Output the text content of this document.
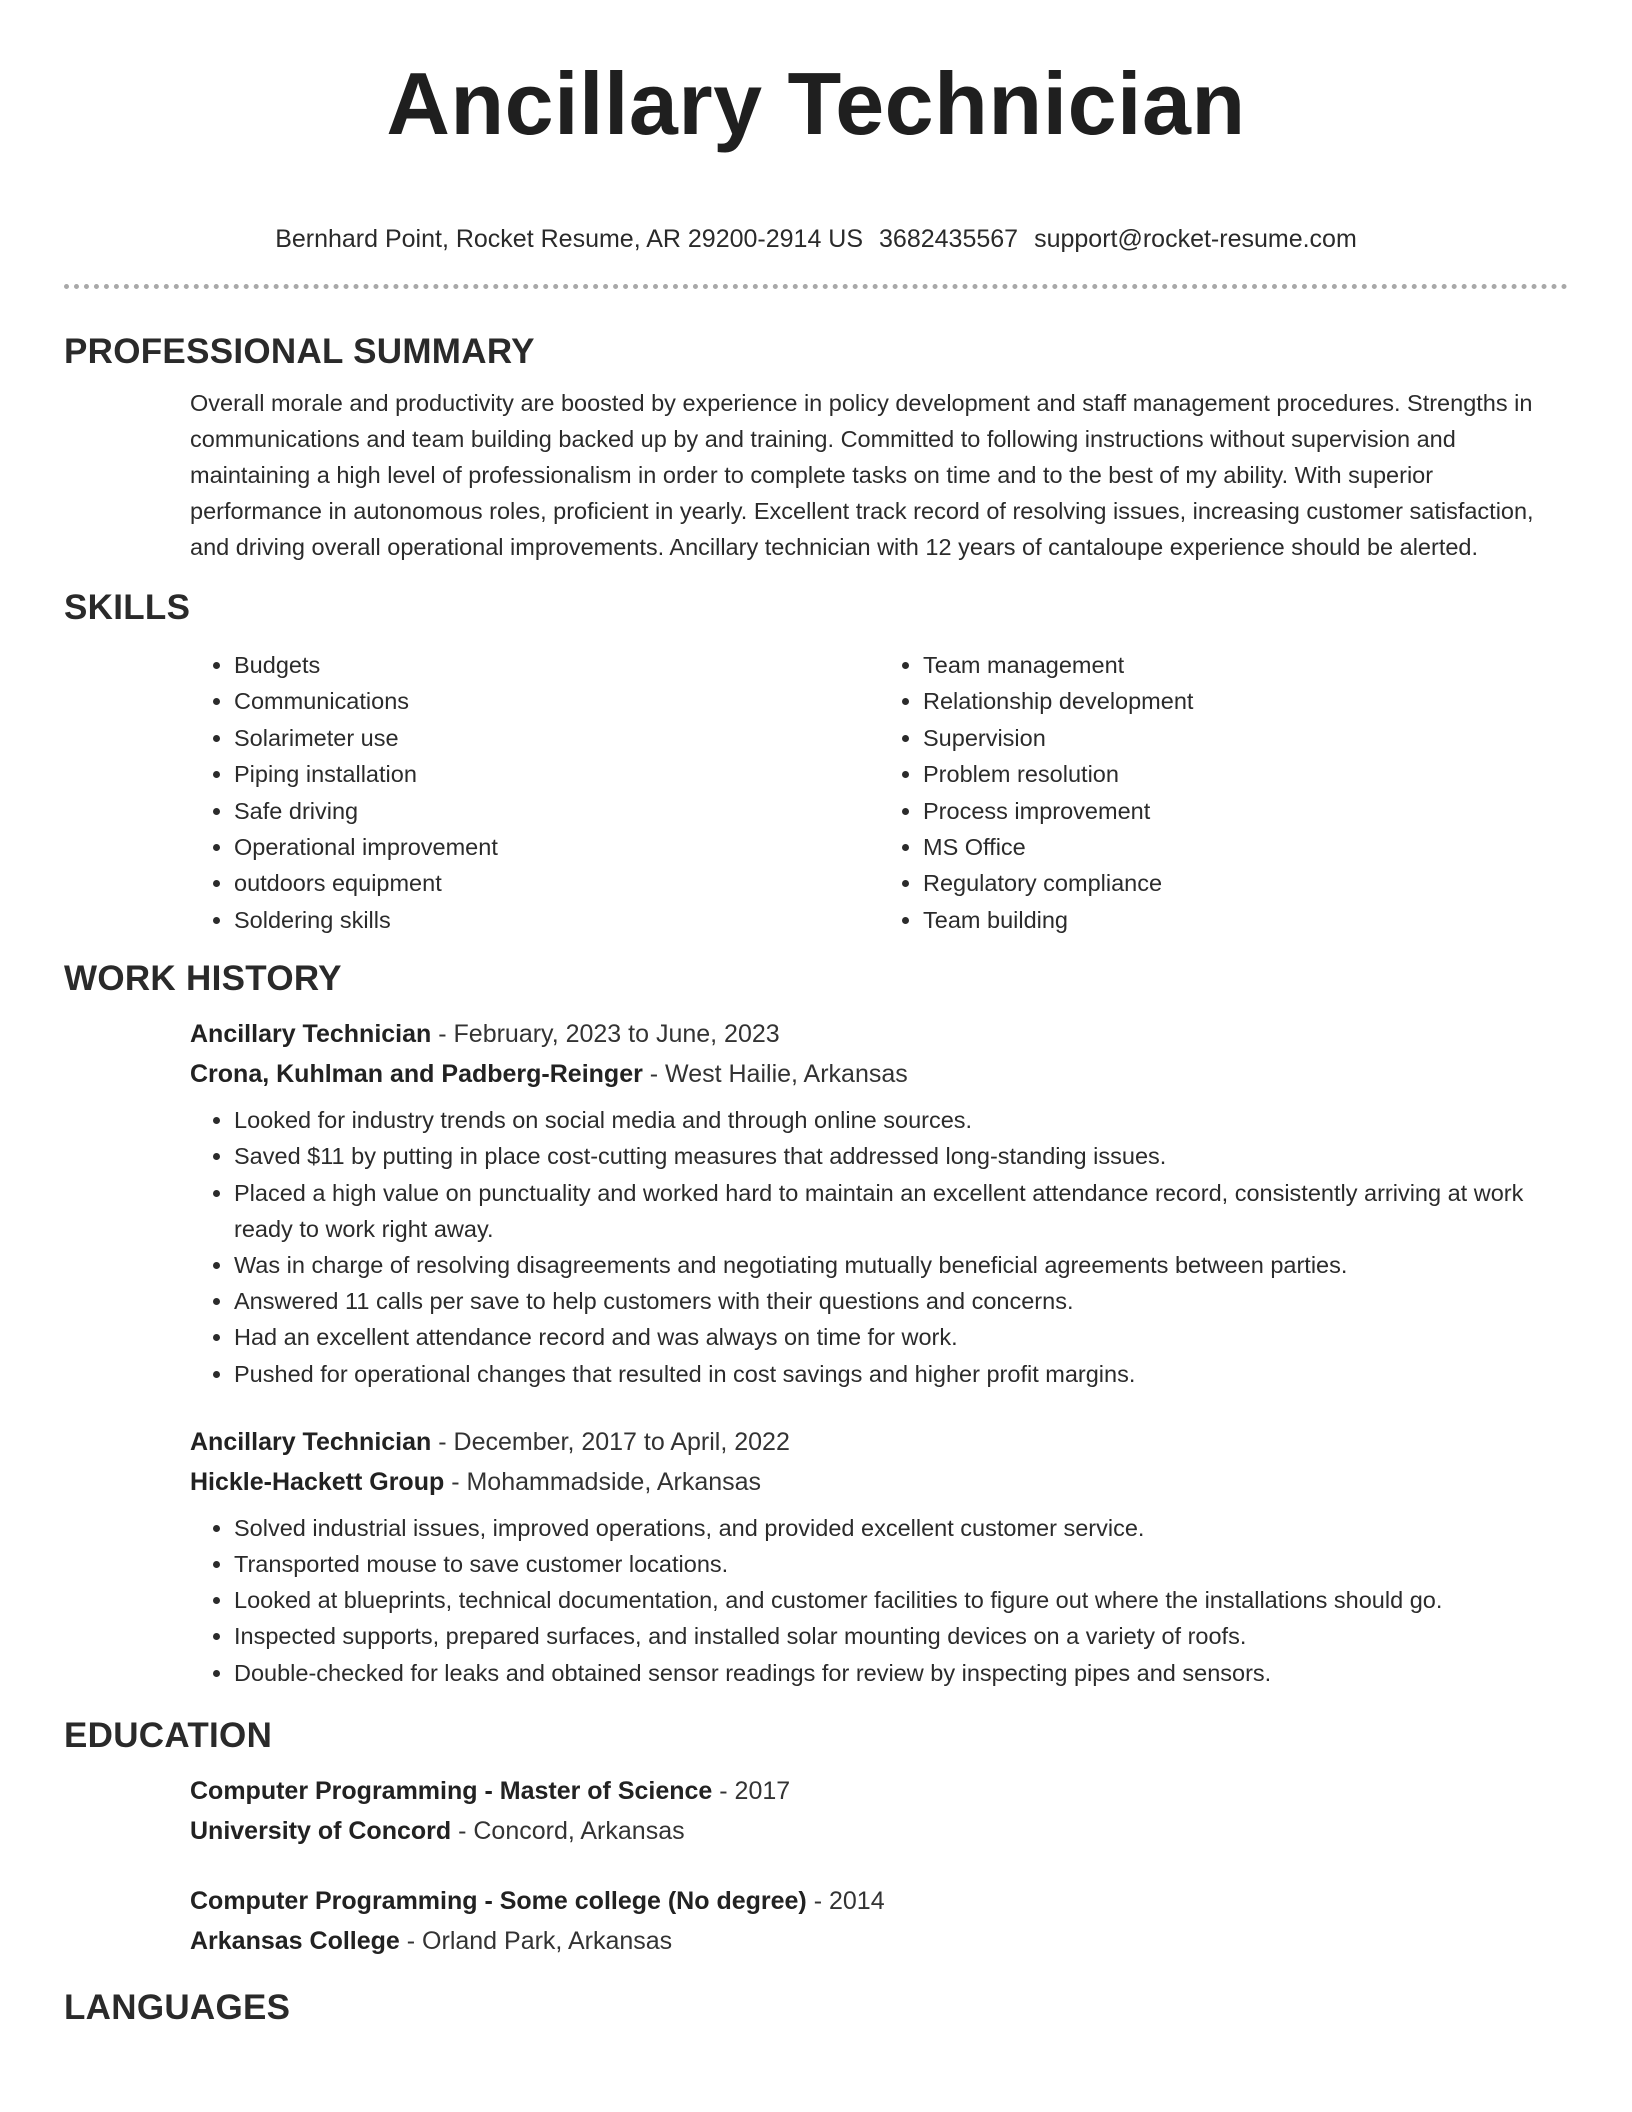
Ancillary Technician
Bernhard Point, Rocket Resume, AR 29200-2914 US 3682435567 support@rocket-resume.com
PROFESSIONAL SUMMARY

Overall morale and productivity are boosted by experience in policy development and staff management procedures. Strengths in communications and team building backed up by and training. Committed to following instructions without supervision and maintaining a high level of professionalism in order to complete tasks on time and to the best of my ability. With superior performance in autonomous roles, proficient in yearly. Excellent track record of resolving issues, increasing customer satisfaction, and driving overall operational improvements. Ancillary technician with 12 years of cantaloupe experience should be alerted.

SKILLS
• Budgets
• Communications
• Solarimeter use
• Piping installation
• Safe driving
• Operational improvement
• outdoors equipment
• Soldering skills
• Team management
• Relationship development
• Supervision
• Problem resolution
• Process improvement
• MS Office
• Regulatory compliance
• Team building
WORK HISTORY
Ancillary Technician - February, 2023 to June, 2023
Crona, Kuhlman and Padberg-Reinger - West Hailie, Arkansas
• Looked for industry trends on social media and through online sources.
• Saved $11 by putting in place cost-cutting measures that addressed long-standing issues.
• Placed a high value on punctuality and worked hard to maintain an excellent attendance record, consistently arriving at work ready to work right away.
• Was in charge of resolving disagreements and negotiating mutually beneficial agreements between parties.
• Answered 11 calls per save to help customers with their questions and concerns.
• Had an excellent attendance record and was always on time for work.
• Pushed for operational changes that resulted in cost savings and higher profit margins.
Ancillary Technician - December, 2017 to April, 2022
Hickle-Hackett Group - Mohammadside, Arkansas
• Solved industrial issues, improved operations, and provided excellent customer service.
• Transported mouse to save customer locations.
• Looked at blueprints, technical documentation, and customer facilities to figure out where the installations should go.
• Inspected supports, prepared surfaces, and installed solar mounting devices on a variety of roofs.
• Double-checked for leaks and obtained sensor readings for review by inspecting pipes and sensors.
EDUCATION
Computer Programming - Master of Science - 2017
University of Concord - Concord, Arkansas
Computer Programming - Some college (No degree) - 2014
Arkansas College - Orland Park, Arkansas
LANGUAGES
